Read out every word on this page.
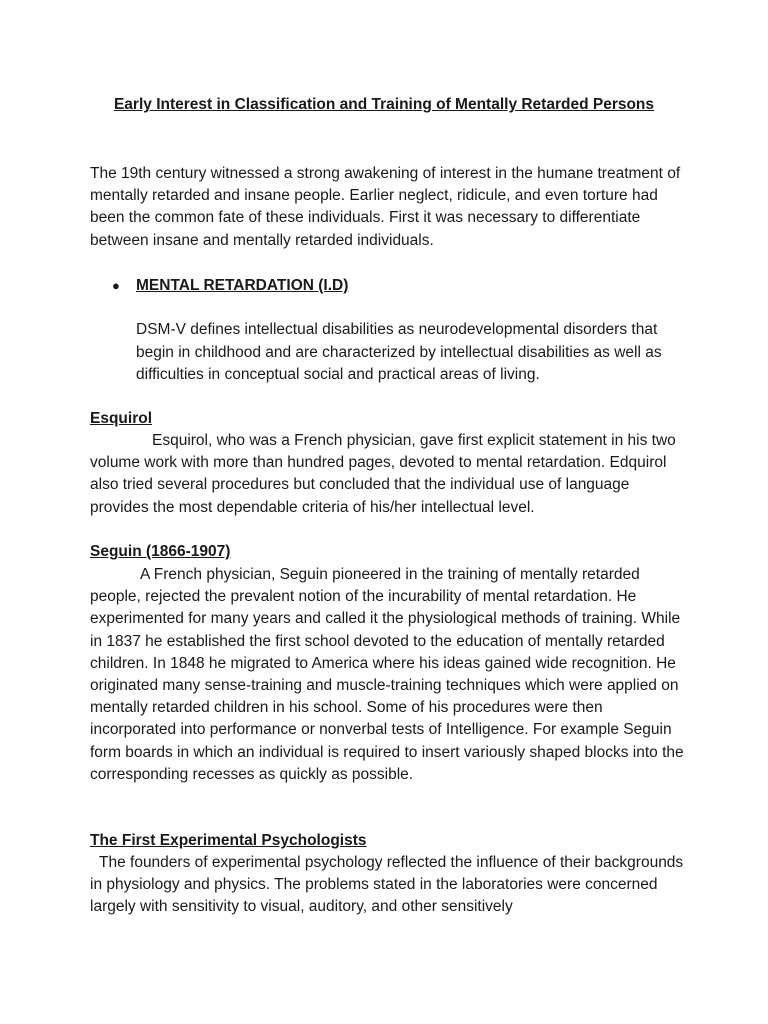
Early Interest in Classification and Training of Mentally Retarded Persons

The 19th century witnessed a strong awakening of interest in the humane treatment of mentally retarded and insane people. Earlier neglect, ridicule, and even torture had been the common fate of these individuals. First it was necessary to differentiate between insane and mentally retarded individuals.

● MENTAL RETARDATION (I.D)

DSM-V defines intellectual disabilities as neurodevelopmental disorders that begin in childhood and are characterized by intellectual disabilities as well as difficulties in conceptual social and practical areas of living.

Esquirol

Esquirol, who was a French physician, gave first explicit statement in his two volume work with more than hundred pages, devoted to mental retardation. Edquirol also tried several procedures but concluded that the individual use of language provides the most dependable criteria of his/her intellectual level.

Seguin (1866-1907)

A French physician, Seguin pioneered in the training of mentally retarded people, rejected the prevalent notion of the incurability of mental retardation. He experimented for many years and called it the physiological methods of training. While in 1837 he established the first school devoted to the education of mentally retarded children. In 1848 he migrated to America where his ideas gained wide recognition. He originated many sense-training and muscle-training techniques which were applied on mentally retarded children in his school. Some of his procedures were then incorporated into performance or nonverbal tests of Intelligence. For example Seguin form boards in which an individual is required to insert variously shaped blocks into the corresponding recesses as quickly as possible.

The First Experimental Psychologists

The founders of experimental psychology reflected the influence of their backgrounds in physiology and physics. The problems stated in the laboratories were concerned largely with sensitivity to visual, auditory, and other sensitively
